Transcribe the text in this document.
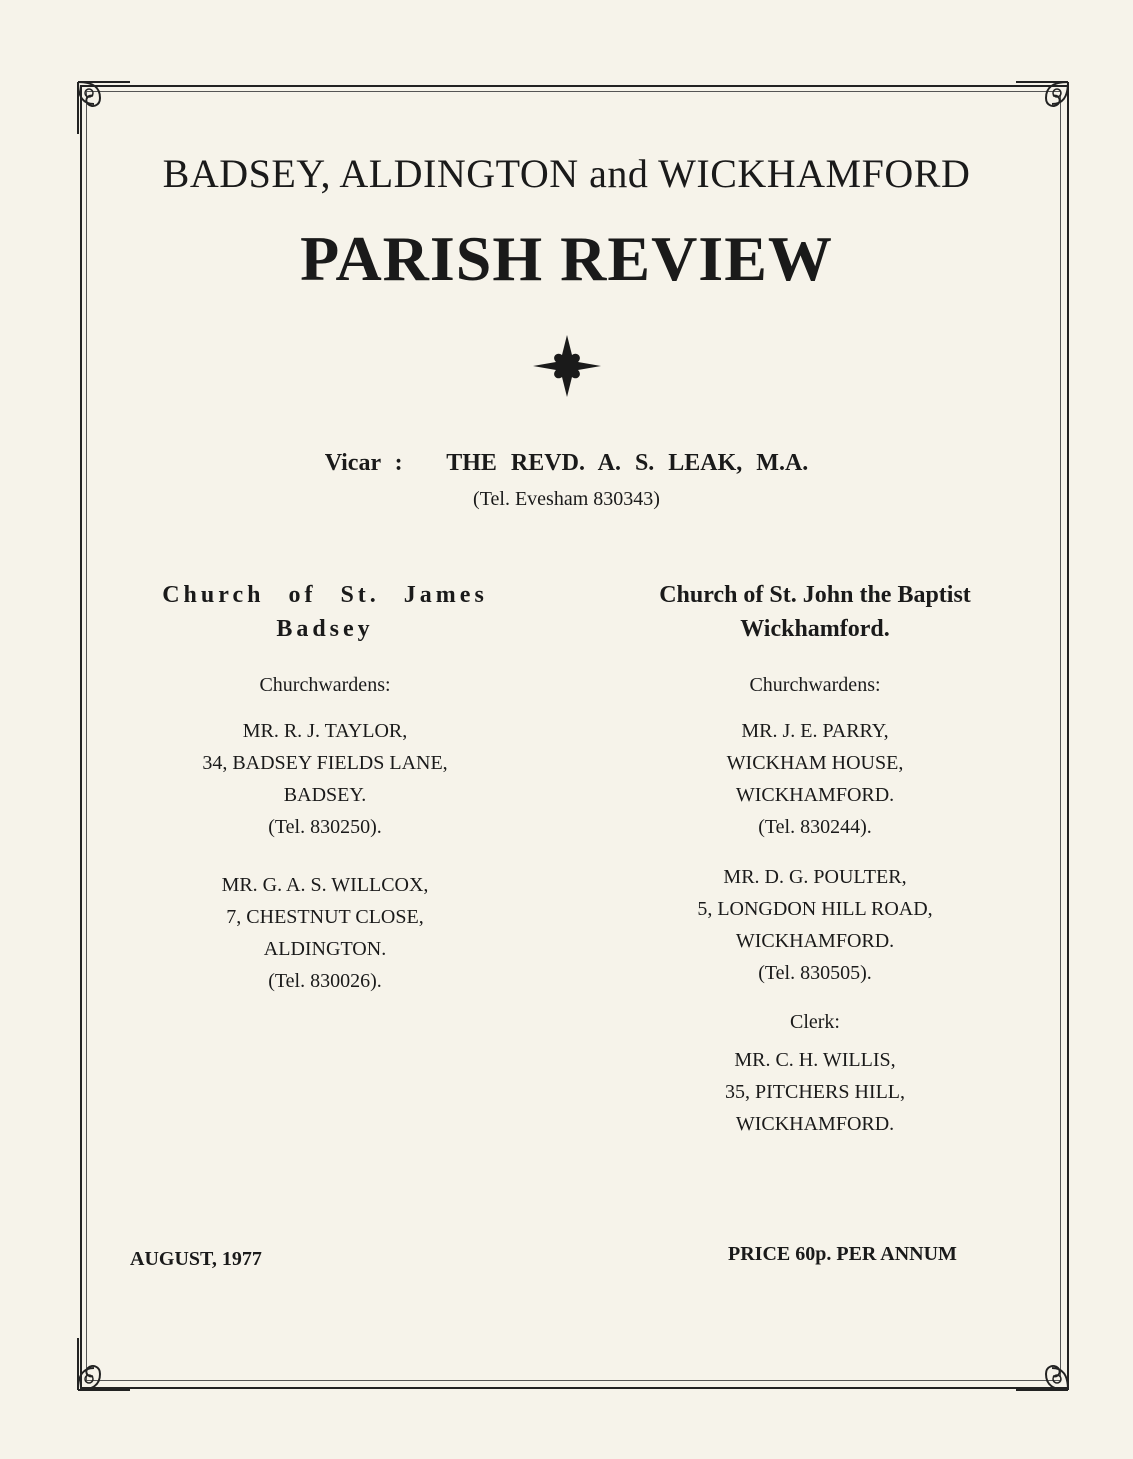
BADSEY, ALDINGTON and WICKHAMFORD
PARISH REVIEW
Vicar : THE REVD. A. S. LEAK, M.A.
(Tel. Evesham 830343)
Church of St. James
Badsey
Churchwardens:
MR. R. J. TAYLOR,
34, BADSEY FIELDS LANE,
BADSEY.
(Tel. 830250).
MR. G. A. S. WILLCOX,
7, CHESTNUT CLOSE,
ALDINGTON.
(Tel. 830026).
Church of St. John the Baptist
Wickhamford.
Churchwardens:
MR. J. E. PARRY,
WICKHAM HOUSE,
WICKHAMFORD.
(Tel. 830244).
MR. D. G. POULTER,
5, LONGDON HILL ROAD,
WICKHAMFORD.
(Tel. 830505).
Clerk:
MR. C. H. WILLIS,
35, PITCHERS HILL,
WICKHAMFORD.
AUGUST, 1977	PRICE 60p. PER ANNUM
